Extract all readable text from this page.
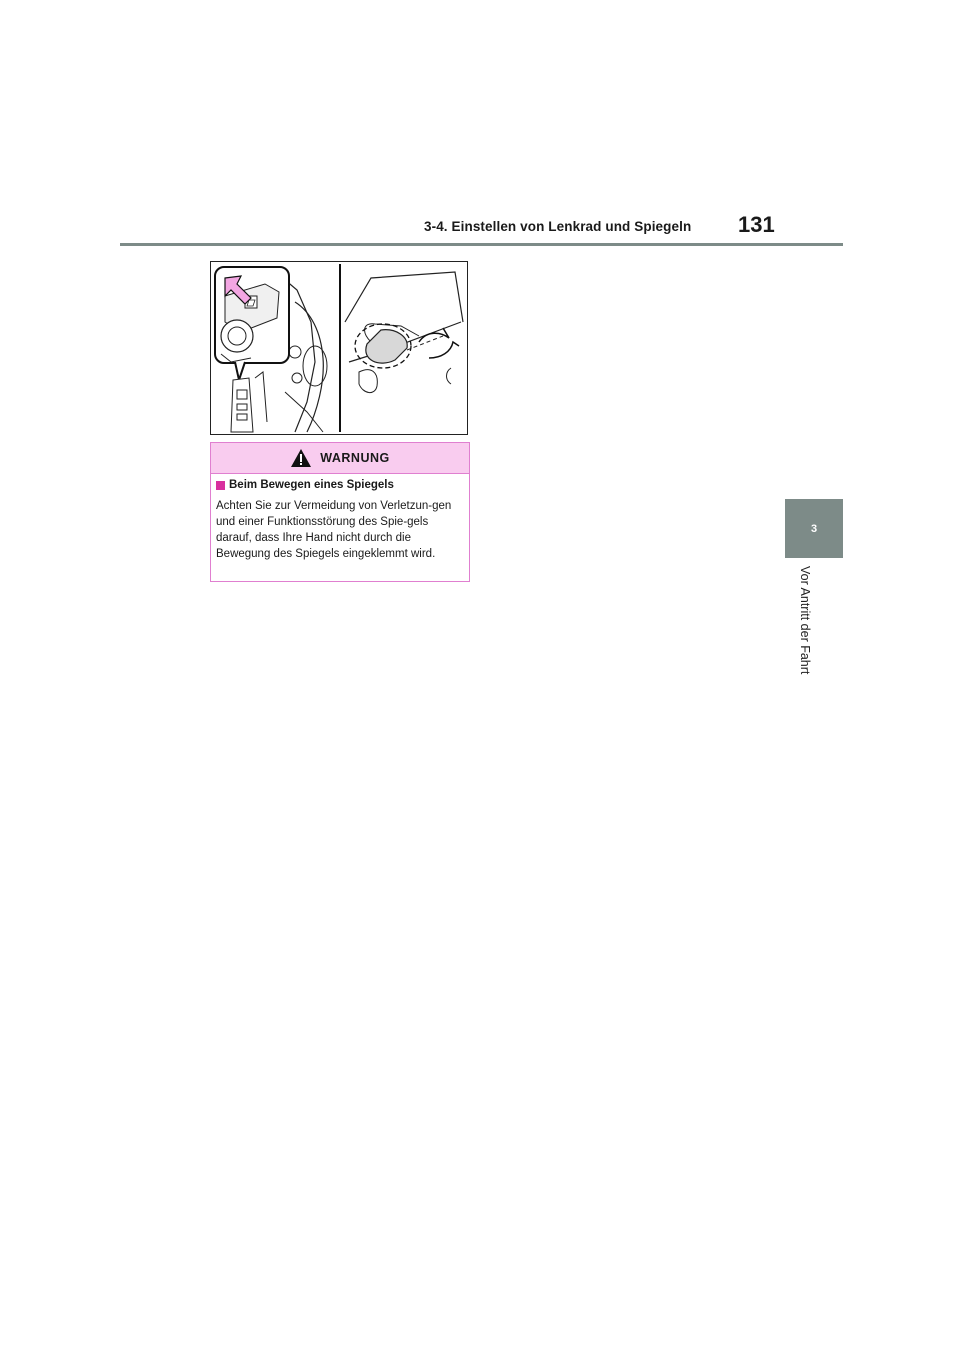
3-4. Einstellen von Lenkrad und Spiegeln 131
3
Vor Antritt der Fahrt
WARNUNG
Beim Bewegen eines Spiegels

Achten Sie zur Vermeidung von Verletzun-gen und einer Funktionsstörung des Spie-gels darauf, dass Ihre Hand nicht durch die Bewegung des Spiegels eingeklemmt wird.
